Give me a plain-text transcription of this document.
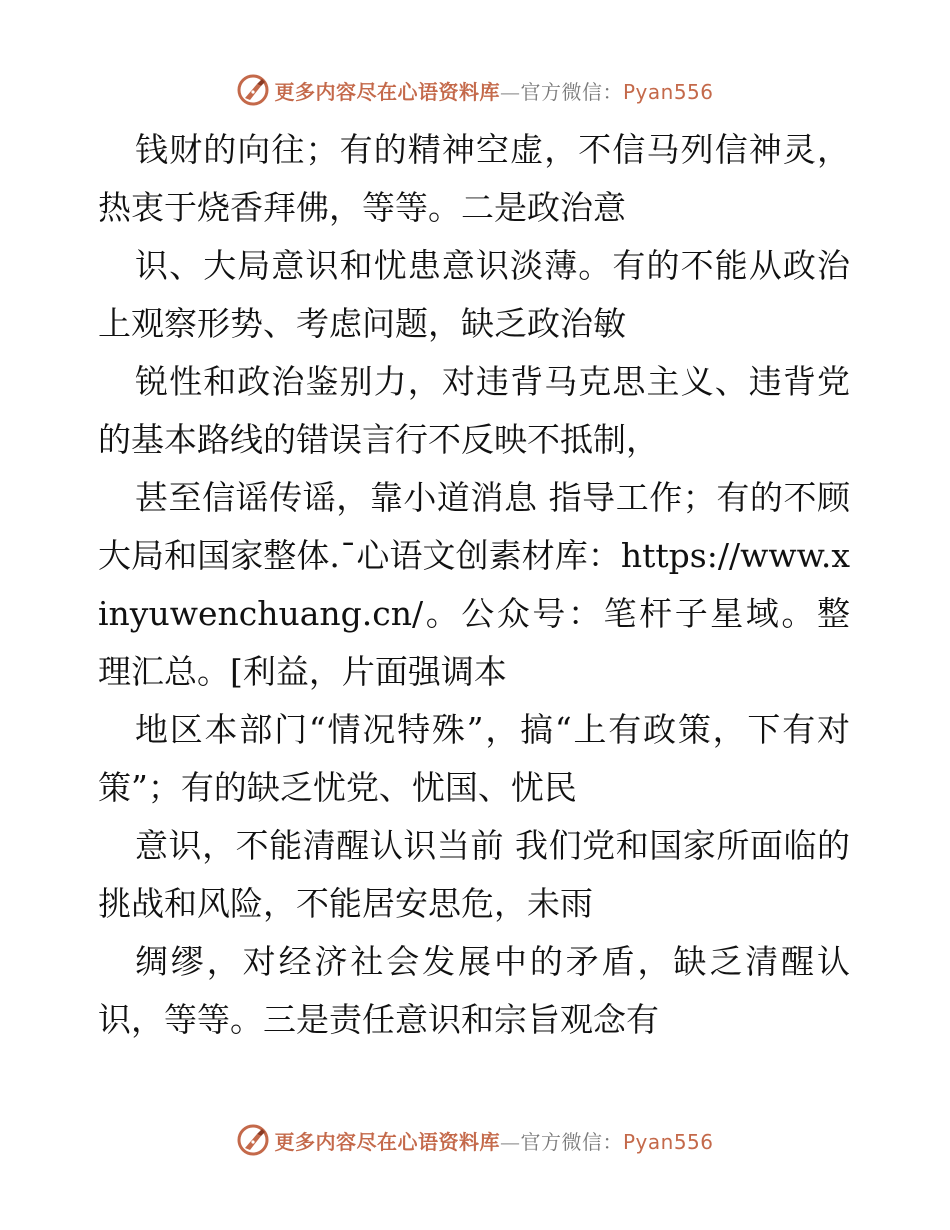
更多内容尽在心语资料库—官方微信：Pyan556

钱财的向往；有的精神空虚，不信马列信神灵，热衷于烧香拜佛，等等。二是政治意

识、大局意识和忧患意识淡薄。有的不能从政治上观察形势、考虑问题，缺乏政治敏

锐性和政治鉴别力，对违背马克思主义、违背党的基本路线的错误言行不反映不抵制，

甚至信谣传谣，靠小道消息 指导工作；有的不顾大局和国家整体.¯心语文创素材库：https://www.xinyuwenchuang.cn/。公众号：笔杆子星域。整理汇总。[利益，片面强调本

地区本部门“情况特殊”，搞“上有政策，下有对策”；有的缺乏忧党、忧国、忧民

意识，不能清醒认识当前 我们党和国家所面临的挑战和风险，不能居安思危，未雨

绸缪，对经济社会发展中的矛盾，缺乏清醒认识，等等。三是责任意识和宗旨观念有

更多内容尽在心语资料库—官方微信：Pyan556
